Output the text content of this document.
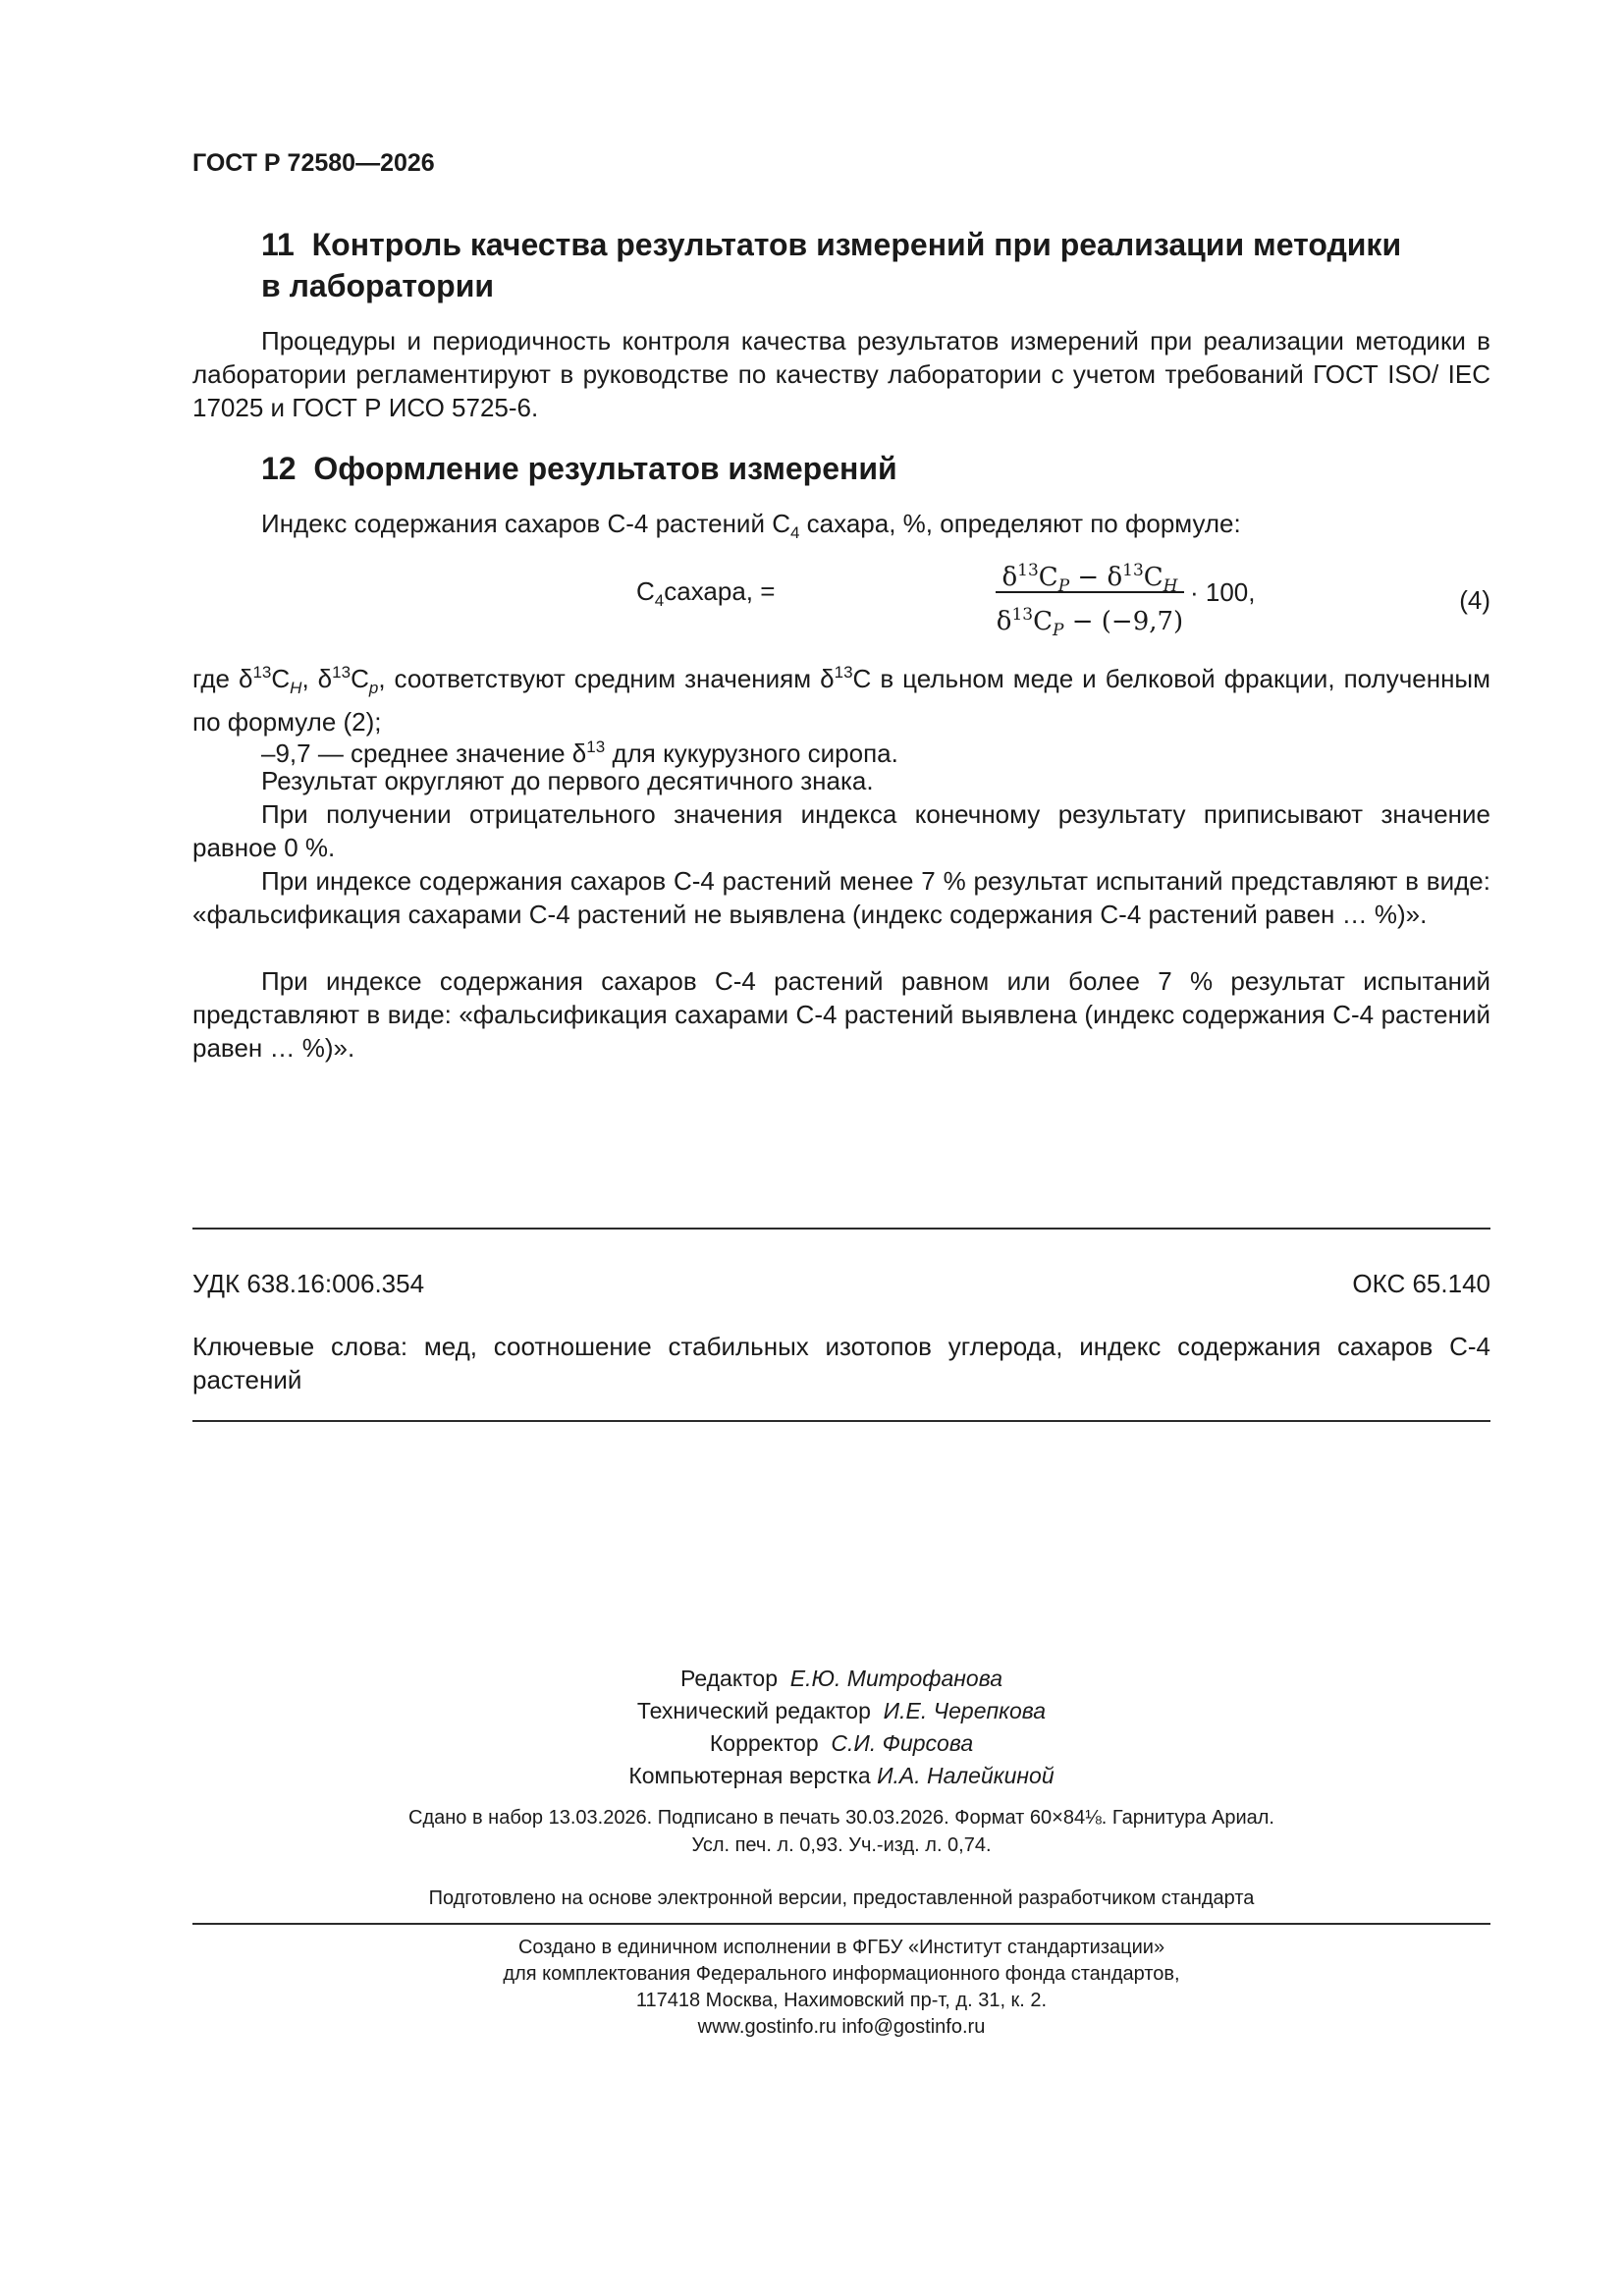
ГОСТ Р 72580—2026
11 Контроль качества результатов измерений при реализации методики
в лаборатории
Процедуры и периодичность контроля качества результатов измерений при реализации методики в лаборатории регламентируют в руководстве по качеству лаборатории с учетом требований ГОСТ ISO/ IEC 17025 и ГОСТ Р ИСО 5725-6.
12 Оформление результатов измерений
Индекс содержания сахаров С-4 растений $С_4$ сахара, %, определяют по формуле:
$C_4сахара$, =	$\delta^{13}C_P - \delta^{13}C_H$
$\delta^{13}C_P - (-9,7)$
· 100,	(4)
где $\delta^{13}C_H$, $\delta^{13}C_p$, соответствуют средним значениям $\delta^{13}C$ в цельном меде и белковой фракции, полученным по формуле (2);
–9,7 — среднее значение $\delta^{13}$ для кукурузного сиропа.
Результат округляют до первого десятичного знака.
При получении отрицательного значения индекса конечному результату приписывают значение равное 0 %.
При индексе содержания сахаров С-4 растений менее 7 % результат испытаний представляют в виде: «фальсификация сахарами С-4 растений не выявлена (индекс содержания С-4 растений равен … %)».
При индексе содержания сахаров С-4 растений равном или более 7 % результат испытаний представляют в виде: «фальсификация сахарами С-4 растений выявлена (индекс содержания С-4 растений равен … %)».
УДК 638.16:006.354	ОКС 65.140
Ключевые слова: мед, соотношение стабильных изотопов углерода, индекс содержания сахаров С-4 растений
Редактор Е.Ю. Митрофанова
Технический редактор И.Е. Черепкова
Корректор С.И. Фирсова
Компьютерная верстка И.А. Налейкиной
Сдано в набор 13.03.2026. Подписано в печать 30.03.2026. Формат 60×84⅛. Гарнитура Ариал.
Усл. печ. л. 0,93. Уч.-изд. л. 0,74.
Подготовлено на основе электронной версии, предоставленной разработчиком стандарта
Создано в единичном исполнении в ФГБУ «Институт стандартизации»
для комплектования Федерального информационного фонда стандартов,
117418 Москва, Нахимовский пр-т, д. 31, к. 2.
www.gostinfo.ru info@gostinfo.ru
